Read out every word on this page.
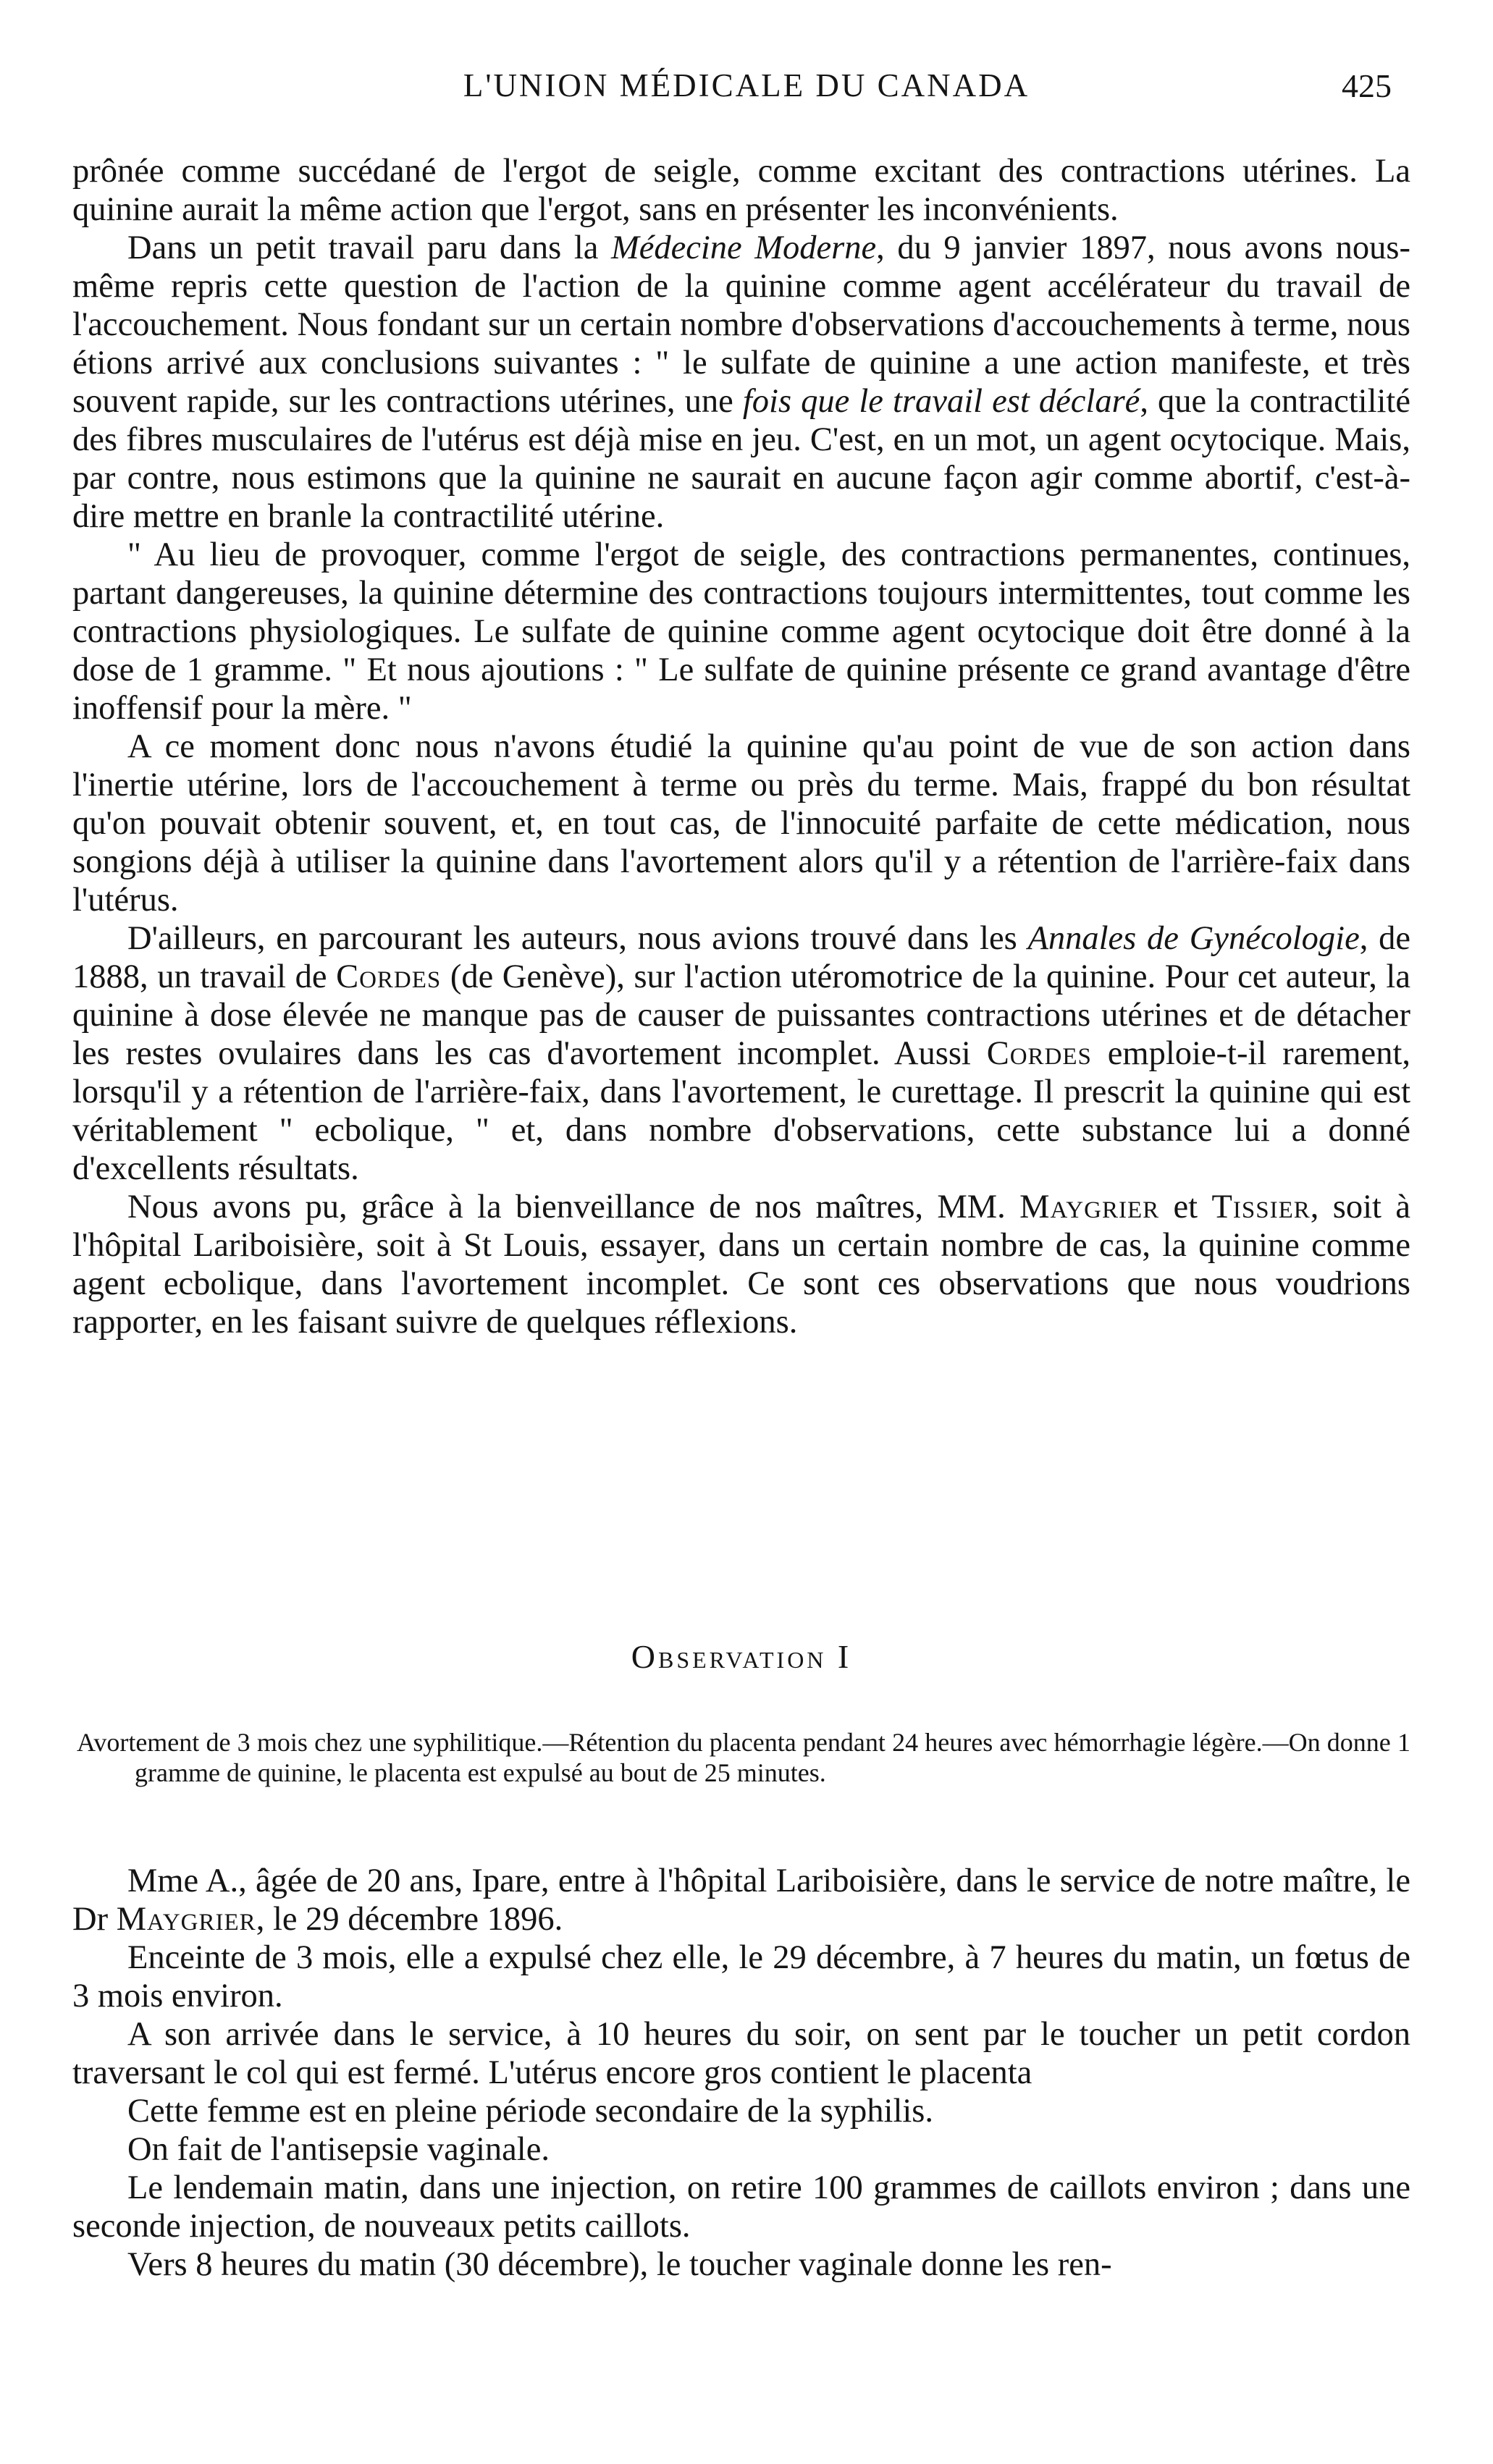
L'UNION MÉDICALE DU CANADA	425

prônée comme succédané de l'ergot de seigle, comme excitant des contractions utérines. La quinine aurait la même action que l'ergot, sans en présenter les inconvénients.

Dans un petit travail paru dans la Médecine Moderne, du 9 janvier 1897, nous avons nous-même repris cette question de l'action de la quinine comme agent accélérateur du travail de l'accouchement. Nous fondant sur un certain nombre d'observations d'accouchements à terme, nous étions arrivé aux conclusions suivantes : " le sulfate de quinine a une action manifeste, et très souvent rapide, sur les contractions utérines, une fois que le travail est déclaré, que la contractilité des fibres musculaires de l'utérus est déjà mise en jeu. C'est, en un mot, un agent ocytocique. Mais, par contre, nous estimons que la quinine ne saurait en aucune façon agir comme abortif, c'est-à-dire mettre en branle la contractilité utérine.

" Au lieu de provoquer, comme l'ergot de seigle, des contractions permanentes, continues, partant dangereuses, la quinine détermine des contractions toujours intermittentes, tout comme les contractions physiologiques. Le sulfate de quinine comme agent ocytocique doit être donné à la dose de 1 gramme. " Et nous ajoutions : " Le sulfate de quinine présente ce grand avantage d'être inoffensif pour la mère. "

A ce moment donc nous n'avons étudié la quinine qu'au point de vue de son action dans l'inertie utérine, lors de l'accouchement à terme ou près du terme. Mais, frappé du bon résultat qu'on pouvait obtenir souvent, et, en tout cas, de l'innocuité parfaite de cette médication, nous songions déjà à utiliser la quinine dans l'avortement alors qu'il y a rétention de l'arrière-faix dans l'utérus.

D'ailleurs, en parcourant les auteurs, nous avions trouvé dans les Annales de Gynécologie, de 1888, un travail de Cordes (de Genève), sur l'action utéromotrice de la quinine. Pour cet auteur, la quinine à dose élevée ne manque pas de causer de puissantes contractions utérines et de détacher les restes ovulaires dans les cas d'avortement incomplet. Aussi Cordes emploie-t-il rarement, lorsqu'il y a rétention de l'arrière-faix, dans l'avortement, le curettage. Il prescrit la quinine qui est véritablement " ecbolique, " et, dans nombre d'observations, cette substance lui a donné d'excellents résultats.

Nous avons pu, grâce à la bienveillance de nos maîtres, MM. Maygrier et Tissier, soit à l'hôpital Lariboisière, soit à St Louis, essayer, dans un certain nombre de cas, la quinine comme agent ecbolique, dans l'avortement incomplet. Ce sont ces observations que nous voudrions rapporter, en les faisant suivre de quelques réflexions.

Observation I

Avortement de 3 mois chez une syphilitique.—Rétention du placenta pendant 24 heures avec hémorrhagie légère.—On donne 1 gramme de quinine, le placenta est expulsé au bout de 25 minutes.

Mme A., âgée de 20 ans, Ipare, entre à l'hôpital Lariboisière, dans le service de notre maître, le Dr Maygrier, le 29 décembre 1896.

Enceinte de 3 mois, elle a expulsé chez elle, le 29 décembre, à 7 heures du matin, un fœtus de 3 mois environ.

A son arrivée dans le service, à 10 heures du soir, on sent par le toucher un petit cordon traversant le col qui est fermé. L'utérus encore gros contient le placenta

Cette femme est en pleine période secondaire de la syphilis.

On fait de l'antisepsie vaginale.

Le lendemain matin, dans une injection, on retire 100 grammes de caillots environ ; dans une seconde injection, de nouveaux petits caillots.

Vers 8 heures du matin (30 décembre), le toucher vaginale donne les ren-
